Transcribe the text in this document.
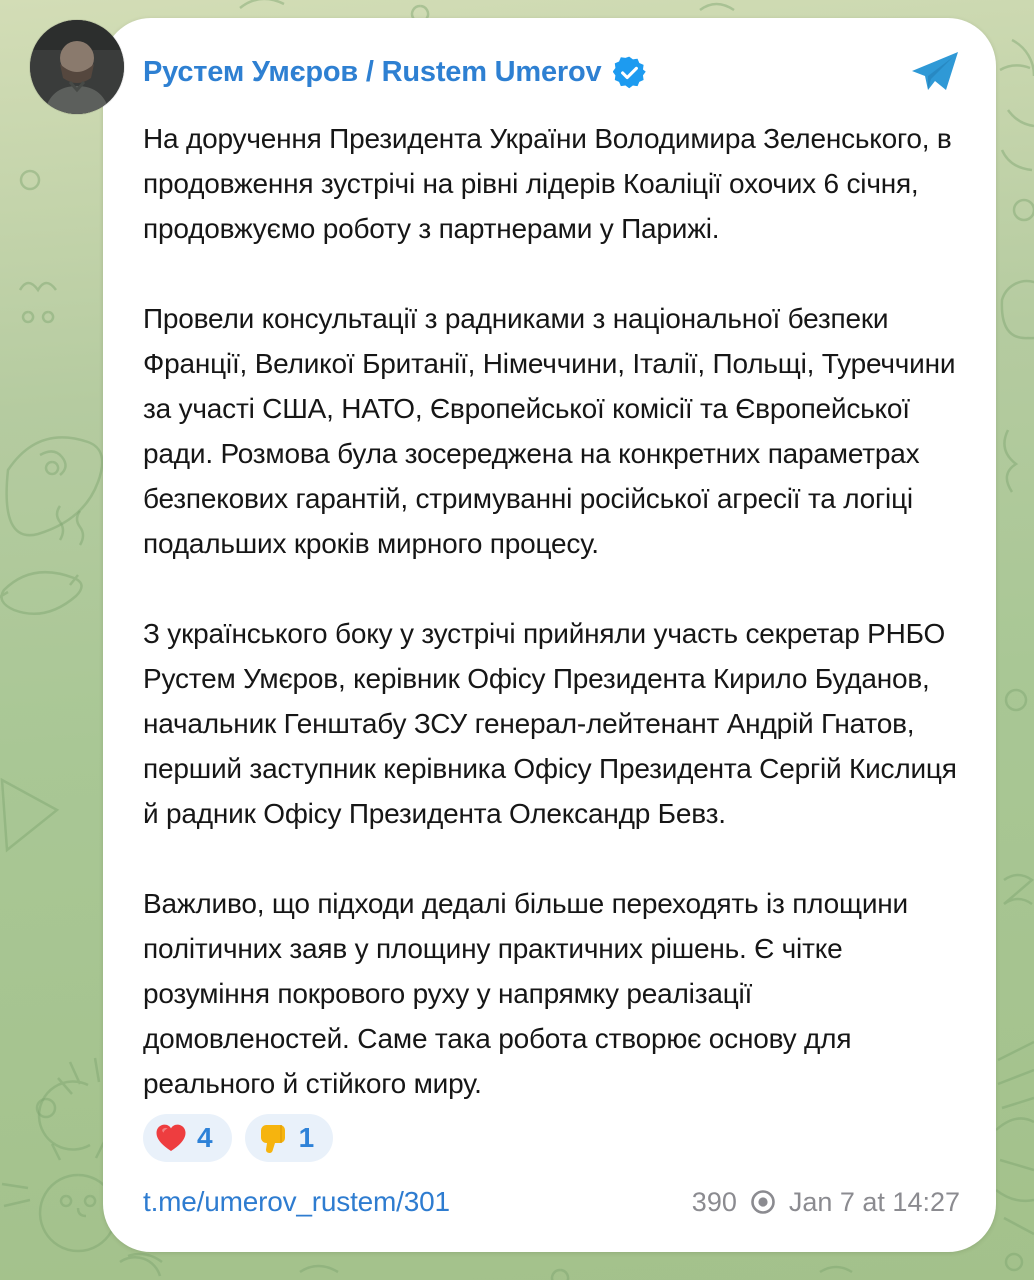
Рустем Умєров / Rustem Umerov

На доручення Президента України Володимира Зеленського, в продовження зустрічі на рівні лідерів Коаліції охочих 6 січня, продовжуємо роботу з партнерами у Парижі.

Провели консультації з радниками з національної безпеки Франції, Великої Британії, Німеччини, Італії, Польщі, Туреччини за участі США, НАТО, Європейської комісії та Європейської ради. Розмова була зосереджена на конкретних параметрах безпекових гарантій, стримуванні російської агресії та логіці подальших кроків мирного процесу.

З українського боку у зустрічі прийняли участь секретар РНБО Рустем Умєров, керівник Офісу Президента Кирило Буданов, начальник Генштабу ЗСУ генерал-лейтенант Андрій Гнатов, перший заступник керівника Офісу Президента Сергій Кислиця й радник Офісу Президента Олександр Бевз.

Важливо, що підходи дедалі більше переходять із площини політичних заяв у площину практичних рішень. Є чітке розуміння покрового руху у напрямку реалізації домовленостей. Саме така робота створює основу для реального й стійкого миру.

4	1
t.me/umerov_rustem/301	390 Jan 7 at 14:27
